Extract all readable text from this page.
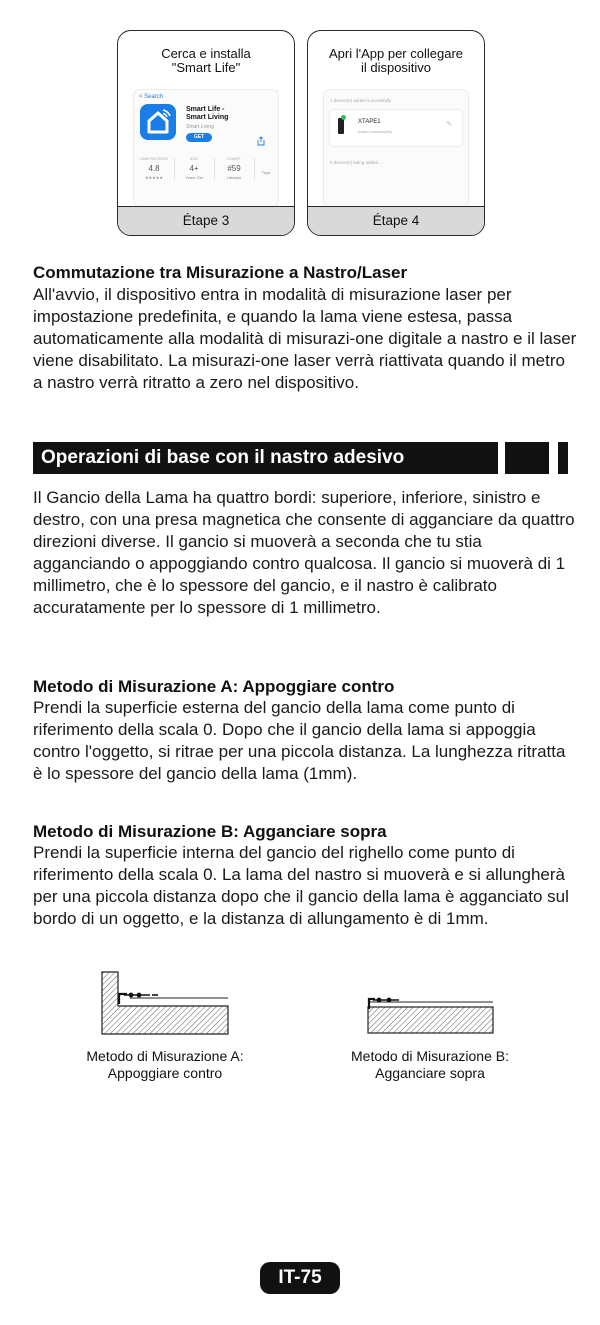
Cerca e installa
"Smart Life"
< Search
Smart Life -
Smart Living
Smart Living
GET
2609 RATINGS
4.8
★★★★★
AGE
4+
Years Old
CHART
#59
Lifestyle
Tuya
Étape 3
Apri l'App per collegare
il dispositivo
1 device(s) added successfully
XTAPE1
Added successfully
✎
0 device(s) being added ...
Étape 4
Commutazione tra Misurazione a Nastro/Laser
All'avvio, il dispositivo entra in modalità di misurazione laser per impostazione predefinita, e quando la lama viene estesa, passa automaticamente alla modalità di misurazi-one digitale a nastro e il laser viene disabilitato. La misurazi-one laser verrà riattivata quando il metro a nastro verrà ritratto a zero nel dispositivo.
Operazioni di base con il nastro adesivo
Il Gancio della Lama ha quattro bordi: superiore, inferiore, sinistro e destro, con una presa magnetica che consente di agganciare da quattro direzioni diverse. Il gancio si muoverà a seconda che tu stia agganciando o appoggiando contro qualcosa. Il gancio si muoverà di 1 millimetro, che è lo spessore del gancio, e il nastro è calibrato accuratamente per lo spessore di 1 millimetro.
Metodo di Misurazione A: Appoggiare contro
Prendi la superficie esterna del gancio della lama come punto di riferimento della scala 0. Dopo che il gancio della lama si appoggia contro l'oggetto, si ritrae per una piccola distanza. La lunghezza ritratta è lo spessore del gancio della lama (1mm).
Metodo di Misurazione B: Agganciare sopra
Prendi la superficie interna del gancio del righello come punto di riferimento della scala 0. La lama del nastro si muoverà e si allungherà per una piccola distanza dopo che il gancio della lama è agganciato sul bordo di un oggetto, e la distanza di allungamento è di 1mm.
Metodo di Misurazione A:
Appoggiare contro
Metodo di Misurazione B:
Agganciare sopra
IT-75
